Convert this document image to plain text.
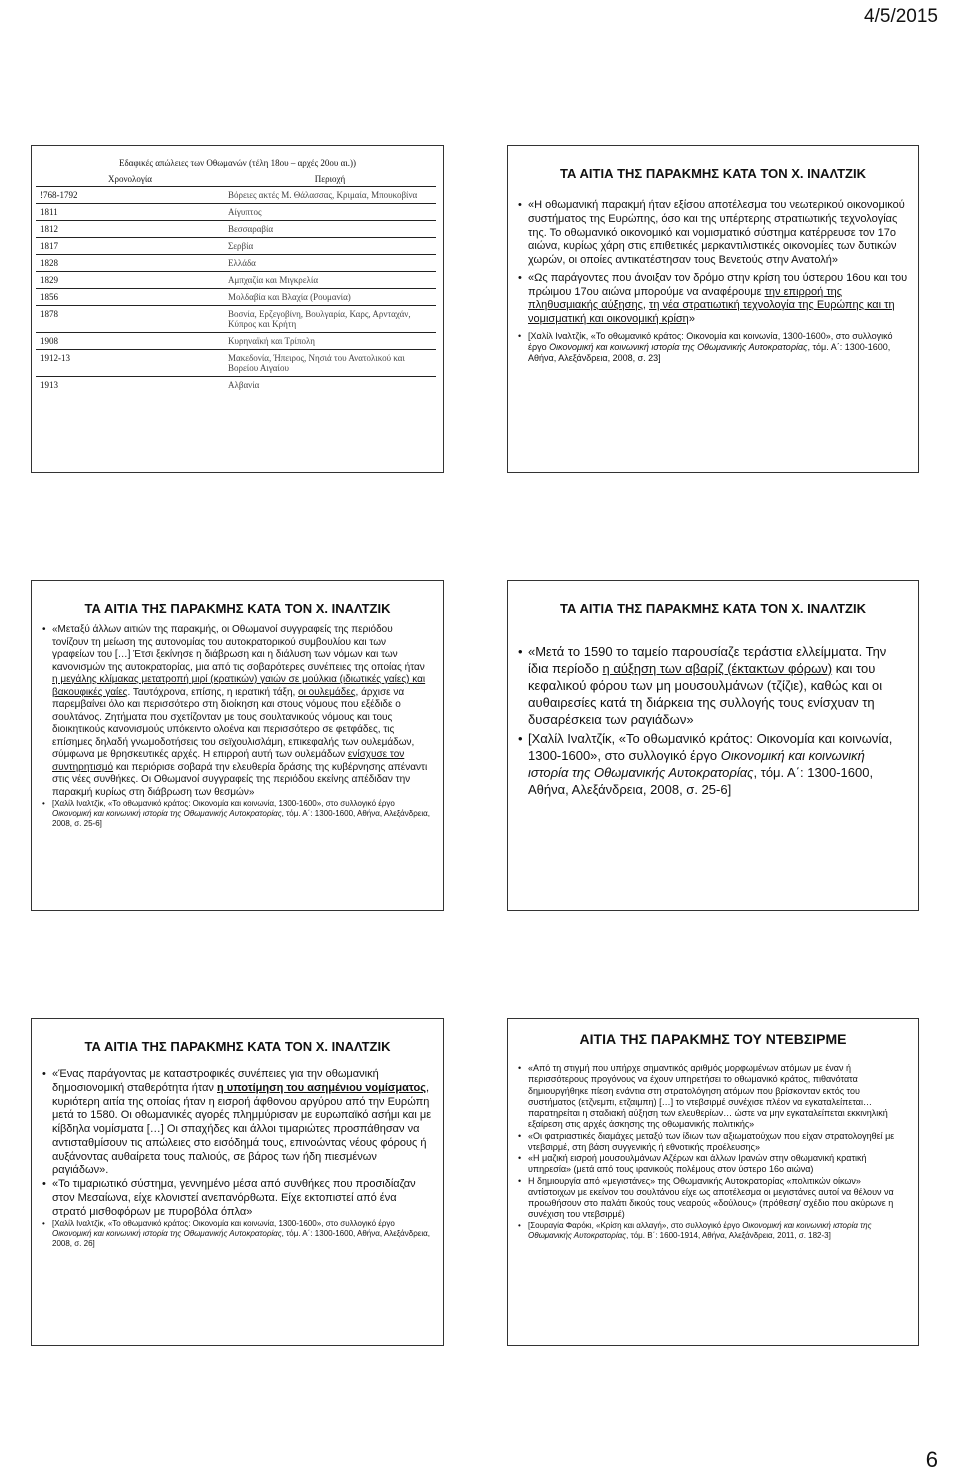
4/5/2015
Εδαφικές απώλειες των Οθωμανών (τέλη 18ου – αρχές 20ου αι.))
Χρονολογία	Περιοχή
!768-1792	Βόρειες ακτές Μ. Θάλασσας, Κριμαία, Μπουκοβίνα
1811	Αίγυπτος
1812	Βεσσαραβία
1817	Σερβία
1828	Ελλάδα
1829	Αμπχαζία και Μιγκρελία
1856	Μολδαβία και Βλαχία (Ρουμανία)
1878	Βοσνία, Ερζεγοβίνη, Βουλγαρία, Καρς, Αρνταχάν, Κύπρος και Κρήτη
1908	Κυρηναϊκή και Τρίπολη
1912-13	Μακεδονία, Ήπειρος, Νησιά του Ανατολικού και Βορείου Αιγαίου
1913	Αλβανία
ΤΑ ΑΙΤΙΑ ΤΗΣ ΠΑΡΑΚΜΗΣ ΚΑΤΑ ΤΟΝ Χ. ΙΝΑΛΤΖΙΚ
• «Η οθωμανική παρακμή ήταν εξίσου αποτέλεσμα του νεωτερικού οικονομικού συστήματος της Ευρώπης, όσο και της υπέρτερης στρατιωτικής τεχνολογίας της. Το οθωμανικό οικονομικό και νομισματικό σύστημα κατέρρευσε τον 17ο αιώνα, κυρίως χάρη στις επιθετικές μερκαντιλιστικές οικονομίες των δυτικών χωρών, οι οποίες αντικατέστησαν τους Βενετούς στην Ανατολή»
• «Ως παράγοντες που άνοιξαν τον δρόμο στην κρίση του ύστερου 16ου και του πρώιμου 17ου αιώνα μπορούμε να αναφέρουμε την επιρροή της πληθυσμιακής αύξησης, τη νέα στρατιωτική τεχνολογία της Ευρώπης και τη νομισματική και οικονομική κρίση»
• [Χαλίλ Ιναλτζίκ, «Το οθωμανικό κράτος: Οικονομία και κοινωνία, 1300-1600», στο συλλογικό έργο Οικονομική και κοινωνική ιστορία της Οθωμανικής Αυτοκρατορίας, τόμ. Α΄: 1300-1600, Αθήνα, Αλεξάνδρεια, 2008, σ. 23]
ΤΑ ΑΙΤΙΑ ΤΗΣ ΠΑΡΑΚΜΗΣ ΚΑΤΑ ΤΟΝ Χ. ΙΝΑΛΤΖΙΚ
• «Μεταξύ άλλων αιτιών της παρακμής, οι Οθωμανοί συγγραφείς της περιόδου τονίζουν τη μείωση της αυτονομίας του αυτοκρατορικού συμβουλίου και των γραφείων του […] Έτσι ξεκίνησε η διάβρωση και η διάλυση των νόμων και των κανονισμών της αυτοκρατορίας, μια από τις σοβαρότερες συνέπειες της οποίας ήταν η μεγάλης κλίμακας μετατροπή μιρί (κρατικών) γαιών σε μούλκια (ιδιωτικές γαίες) και βακουφικές γαίες. Ταυτόχρονα, επίσης, η ιερατική τάξη, οι ουλεμάδες, άρχισε να παρεμβαίνει όλο και περισσότερο στη διοίκηση και στους νόμους που εξέδιδε ο σουλτάνος. Ζητήματα που σχετίζονταν με τους σουλτανικούς νόμους και τους διοικητικούς κανονισμούς υπόκειντο ολοένα και περισσότερο σε φετφάδες, τις επίσημες δηλαδή γνωμοδοτήσεις του σεϊχουλισλάμη, επικεφαλής των ουλεμάδων, σύμφωνα με θρησκευτικές αρχές. Η επιρροή αυτή των ουλεμάδων ενίσχυσε τον συντηρητισμό και περιόρισε σοβαρά την ελευθερία δράσης της κυβέρνησης απέναντι στις νέες συνθήκες. Οι Οθωμανοί συγγραφείς της περιόδου εκείνης απέδιδαν την παρακμή κυρίως στη διάβρωση των θεσμών»
• [Χαλίλ Ιναλτζίκ, «Το οθωμανικό κράτος: Οικονομία και κοινωνία, 1300-1600», στο συλλογικό έργο Οικονομική και κοινωνική ιστορία της Οθωμανικής Αυτοκρατορίας, τόμ. Α΄: 1300-1600, Αθήνα, Αλεξάνδρεια, 2008, σ. 25-6]
ΤΑ ΑΙΤΙΑ ΤΗΣ ΠΑΡΑΚΜΗΣ ΚΑΤΑ ΤΟΝ Χ. ΙΝΑΛΤΖΙΚ
• «Μετά το 1590 το ταμείο παρουσίαζε τεράστια ελλείμματα. Την ίδια περίοδο η αύξηση των αβαρίζ (έκτακτων φόρων) και του κεφαλικού φόρου των μη μουσουλμάνων (τζίζιε), καθώς και οι αυθαιρεσίες κατά τη διάρκεια της συλλογής τους ενίσχυαν τη δυσαρέσκεια των ραγιάδων»
• [Χαλίλ Ιναλτζίκ, «Το οθωμανικό κράτος: Οικονομία και κοινωνία, 1300-1600», στο συλλογικό έργο Οικονομική και κοινωνική ιστορία της Οθωμανικής Αυτοκρατορίας, τόμ. Α΄: 1300-1600, Αθήνα, Αλεξάνδρεια, 2008, σ. 25-6]
ΤΑ ΑΙΤΙΑ ΤΗΣ ΠΑΡΑΚΜΗΣ ΚΑΤΑ ΤΟΝ Χ. ΙΝΑΛΤΖΙΚ
• «Ένας παράγοντας με καταστροφικές συνέπειες για την οθωμανική δημοσιονομική σταθερότητα ήταν η υποτίμηση του ασημένιου νομίσματος, κυριότερη αιτία της οποίας ήταν η εισροή άφθονου αργύρου από την Ευρώπη μετά το 1580. Οι οθωμανικές αγορές πλημμύρισαν με ευρωπαϊκό ασήμι και με κίβδηλα νομίσματα […] Οι σπαχήδες και άλλοι τιμαριώτες προσπάθησαν να αντισταθμίσουν τις απώλειες στο εισόδημά τους, επινοώντας νέους φόρους ή αυξάνοντας αυθαίρετα τους παλιούς, σε βάρος των ήδη πιεσμένων ραγιάδων».
• «Το τιμαριωτικό σύστημα, γεννημένο μέσα από συνθήκες που προσιδίαζαν στον Μεσαίωνα, είχε κλονιστεί ανεπανόρθωτα. Είχε εκτοπιστεί από ένα στρατό μισθοφόρων με πυροβόλα όπλα»
• [Χαλίλ Ιναλτζίκ, «Το οθωμανικό κράτος: Οικονομία και κοινωνία, 1300-1600», στο συλλογικό έργο Οικονομική και κοινωνική ιστορία της Οθωμανικής Αυτοκρατορίας, τόμ. Α΄: 1300-1600, Αθήνα, Αλεξάνδρεια, 2008, σ. 26]
ΑΙΤΙΑ ΤΗΣ ΠΑΡΑΚΜΗΣ ΤΟΥ ΝΤΕΒΣΙΡΜΕ
• «Από τη στιγμή που υπήρχε σημαντικός αριθμός μορφωμένων ατόμων με έναν ή περισσότερους προγόνους να έχουν υπηρετήσει το οθωμανικό κράτος, πιθανότατα δημιουργήθηκε πίεση ενάντια στη στρατολόγηση ατόμων που βρίσκονταν εκτός του συστήματος (ετζνεμπι, ετζαιμπη) […] το ντεβσιρμέ συνέχισε πλέον να εγκαταλείπεται… παρατηρείται η σταδιακή αύξηση των ελευθερίων… ώστε να μην εγκαταλείπεται εκκινηλική εξαίρεση στις αρχές άσκησης της οθωμανικής πολιτικής»
• «Οι φατριαστικές διαμάχες μεταξύ των ίδιων των αξιωματούχων που είχαν στρατολογηθεί με ντεβσιρμέ, στη βάση συγγενικής ή εθνοτικής προέλευσης»
• «Η μαζική εισροή μουσουλμάνων Αζέρων και άλλων Ιρανών στην οθωμανική κρατική υπηρεσία» (μετά από τους ιρανικούς πολέμους στον ύστερο 16ο αιώνα)
• Η δημιουργία από «μεγιστάνες» της Οθωμανικής Αυτοκρατορίας «πολιτικών οίκων» αντίστοιχων με εκείνον του σουλτάνου είχε ως αποτέλεσμα οι μεγιστάνες αυτοί να θέλουν να προωθήσουν στο παλάτι δικούς τους νεαρούς «δούλους» (πρόθεση/ σχέδιο που ακύρωνε η συνέχιση του ντεβσιρμέ)
• [Σουραγία Φαρόκι, «Κρίση και αλλαγή», στο συλλογικό έργο Οικονομική και κοινωνική ιστορία της Οθωμανικής Αυτοκρατορίας, τόμ. Β΄: 1600-1914, Αθήνα, Αλεξάνδρεια, 2011, σ. 182-3]
6
